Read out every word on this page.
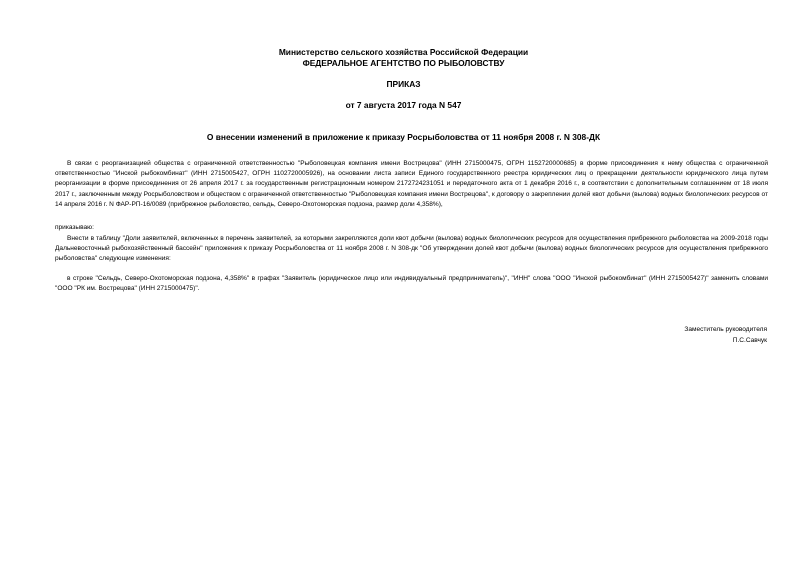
Министерство сельского хозяйства Российской Федерации
ФЕДЕРАЛЬНОЕ АГЕНТСТВО ПО РЫБОЛОВСТВУ
ПРИКАЗ
от 7 августа 2017 года N 547
О внесении изменений в приложение к приказу Росрыболовства от 11 ноября 2008 г. N 308-ДК
В связи с реорганизацией общества с ограниченной ответственностью "Рыболовецкая компания имени Вострецова" (ИНН 2715000475, ОГРН 1152720000685) в форме присоединения к нему общества с ограниченной ответственностью "Инской рыбокомбинат" (ИНН 2715005427, ОГРН 1102720005926), на основании листа записи Единого государственного реестра юридических лиц о прекращении деятельности юридического лица путем реорганизации в форме присоединения от 26 апреля 2017 г. за государственным регистрационным номером 2172724231051 и передаточного акта от 1 декабря 2016 г., в соответствии с дополнительным соглашением от 18 июля 2017 г., заключенным между Росрыболовством и обществом с ограниченной ответственностью "Рыболовецкая компания имени Вострецова", к договору о закреплении долей квот добычи (вылова) водных биологических ресурсов от 14 апреля 2016 г. N ФАР-РП-16/0089 (прибрежное рыболовство, сельдь, Северо-Охотоморская подзона, размер доли 4,358%),
приказываю:
Внести в таблицу "Доли заявителей, включенных в перечень заявителей, за которыми закрепляются доли квот добычи (вылова) водных биологических ресурсов для осуществления прибрежного рыболовства на 2009-2018 годы Дальневосточный рыбохозяйственный бассейн" приложения к приказу Росрыболовства от 11 ноября 2008 г. N 308-дк "Об утверждении долей квот добычи (вылова) водных биологических ресурсов для осуществления прибрежного рыболовства" следующие изменения:
в строке "Сельдь, Северо-Охотоморская подзона, 4,358%" в графах "Заявитель (юридическое лицо или индивидуальный предприниматель)", "ИНН" слова "ООО "Инской рыбокомбинат" (ИНН 2715005427)" заменить словами "ООО "РК им. Вострецова" (ИНН 2715000475)".
Заместитель руководителя
П.С.Савчук
